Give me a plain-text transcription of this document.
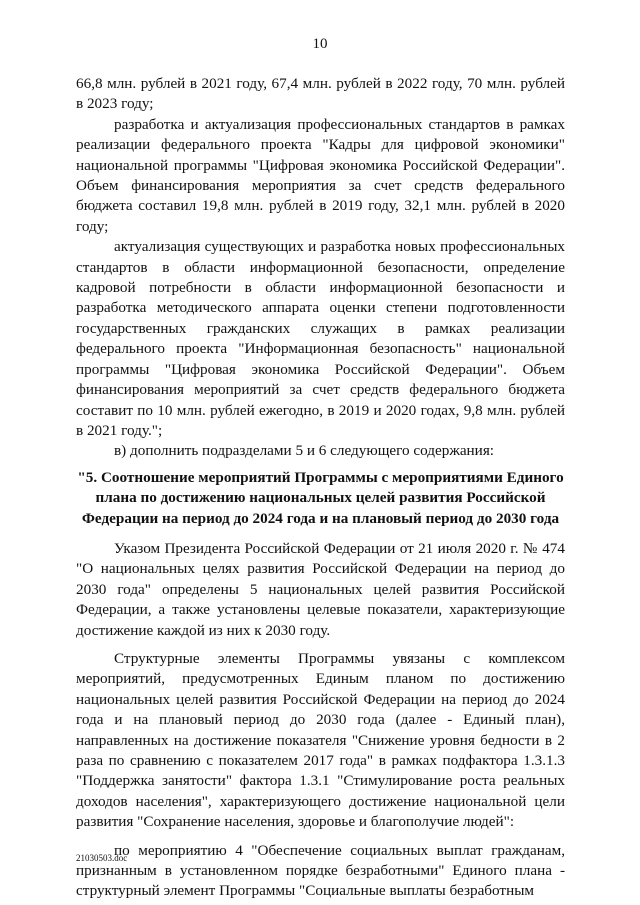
10

66,8 млн. рублей в 2021 году, 67,4 млн. рублей в 2022 году, 70 млн. рублей в 2023 году;

разработка и актуализация профессиональных стандартов в рамках реализации федерального проекта "Кадры для цифровой экономики" национальной программы "Цифровая экономика Российской Федерации". Объем финансирования мероприятия за счет средств федерального бюджета составил 19,8 млн. рублей в 2019 году, 32,1 млн. рублей в 2020 году;

актуализация существующих и разработка новых профессиональных стандартов в области информационной безопасности, определение кадровой потребности в области информационной безопасности и разработка методического аппарата оценки степени подготовленности государственных гражданских служащих в рамках реализации федерального проекта "Информационная безопасность" национальной программы "Цифровая экономика Российской Федерации". Объем финансирования мероприятий за счет средств федерального бюджета составит по 10 млн. рублей ежегодно, в 2019 и 2020 годах, 9,8 млн. рублей в 2021 году.";

в) дополнить подразделами 5 и 6 следующего содержания:

"5. Соотношение мероприятий Программы с мероприятиями Единого плана по достижению национальных целей развития Российской Федерации на период до 2024 года и на плановый период до 2030 года

Указом Президента Российской Федерации от 21 июля 2020 г. № 474 "О национальных целях развития Российской Федерации на период до 2030 года" определены 5 национальных целей развития Российской Федерации, а также установлены целевые показатели, характеризующие достижение каждой из них к 2030 году.

Структурные элементы Программы увязаны с комплексом мероприятий, предусмотренных Единым планом по достижению национальных целей развития Российской Федерации на период до 2024 года и на плановый период до 2030 года (далее - Единый план), направленных на достижение показателя "Снижение уровня бедности в 2 раза по сравнению с показателем 2017 года" в рамках подфактора 1.3.1.3 "Поддержка занятости" фактора 1.3.1 "Стимулирование роста реальных доходов населения", характеризующего достижение национальной цели развития "Сохранение населения, здоровье и благополучие людей":

по мероприятию 4 "Обеспечение социальных выплат гражданам, признанным в установленном порядке безработными" Единого плана - структурный элемент Программы "Социальные выплаты безработным

21030503.doc
